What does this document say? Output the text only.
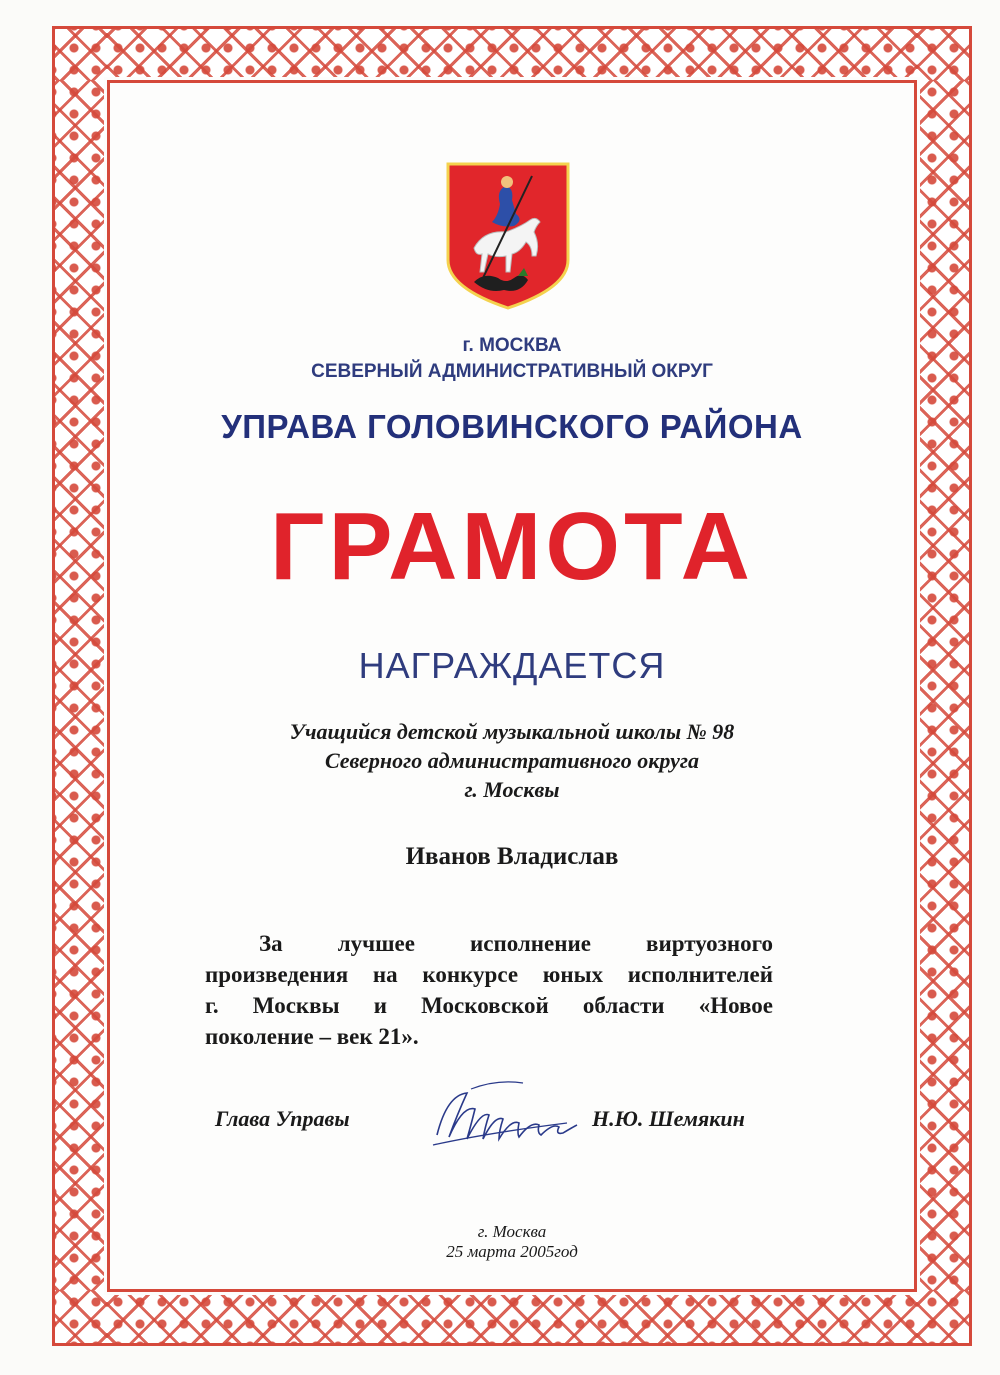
г. МОСКВА
СЕВЕРНЫЙ АДМИНИСТРАТИВНЫЙ ОКРУГ
УПРАВА ГОЛОВИНСКОГО РАЙОНА
ГРАМОТА
НАГРАЖДАЕТСЯ
Учащийся детской музыкальной школы № 98
Северного административного округа
г. Москвы
Иванов Владислав
За лучшее исполнение виртуозного
произведения на конкурсе юных исполнителей
г. Москвы и Московской области «Новое
поколение – век 21».
Глава Управы	Н.Ю. Шемякин
г. Москва
25 марта 2005год
